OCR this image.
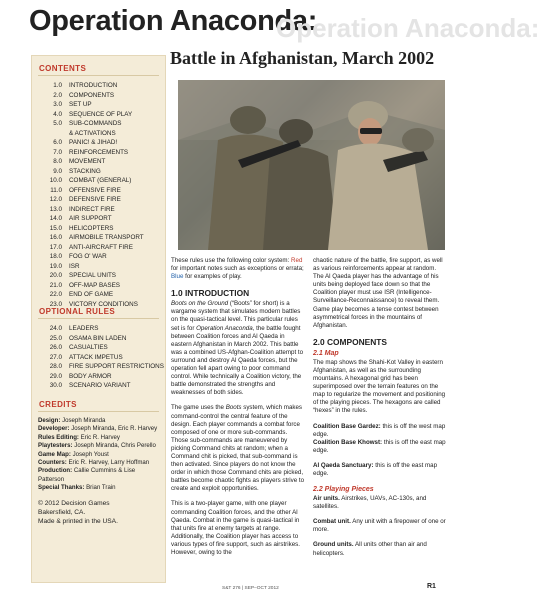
Operation Anaconda:
Operation Anaconda:
CONTENTS
1.0 INTRODUCTION
2.0 COMPONENTS
3.0 SET UP
4.0 SEQUENCE OF PLAY
5.0 SUB-COMMANDS
& ACTIVATIONS
6.0 PANIC! & JIHAD!
7.0 REINFORCEMENTS
8.0 MOVEMENT
9.0 STACKING
10.0 COMBAT (GENERAL)
11.0 OFFENSIVE FIRE
12.0 DEFENSIVE FIRE
13.0 INDIRECT FIRE
14.0 AIR SUPPORT
15.0 HELICOPTERS
16.0 AIRMOBILE TRANSPORT
17.0 ANTI-AIRCRAFT FIRE
18.0 FOG O' WAR
19.0 ISR
20.0 SPECIAL UNITS
21.0 OFF-MAP BASES
22.0 END OF GAME
23.0 VICTORY CONDITIONS
OPTIONAL RULES
24.0 LEADERS
25.0 OSAMA BIN LADEN
26.0 CASUALTIES
27.0 ATTACK IMPETUS
28.0 FIRE SUPPORT RESTRICTIONS
29.0 BODY ARMOR
30.0 SCENARIO VARIANT
CREDITS
Design: Joseph Miranda
Developer: Joseph Miranda, Eric R. Harvey
Rules Editing: Eric R. Harvey
Playtesters: Joseph Miranda, Chris Perello
Game Map: Joseph Youst
Counters: Eric R. Harvey, Larry Hoffman
Production: Callie Cummins & Lise Patterson
Special Thanks: Brian Train
© 2012 Decision Games
Bakersfield, CA.
Made & printed in the USA.
Battle in Afghanistan, March 2002

These rules use the following color system: Red for important notes such as exceptions or errata; Blue for examples of play.

1.0 INTRODUCTION

Boots on the Ground (“Boots” for short) is a wargame system that simulates modern battles on the quasi-tactical level. This particular rules set is for Operation Anaconda, the battle fought between Coalition forces and Al Qaeda in eastern Afghanistan in March 2002. This battle was a combined US-Afghan-Coalition attempt to surround and destroy Al Qaeda forces, but the operation fell apart owing to poor command control. While technically a Coalition victory, the battle demonstrated the strengths and weaknesses of both sides.

The game uses the Boots system, which makes command-control the central feature of the design. Each player commands a combat force composed of one or more sub-commands. Those sub-commands are maneuvered by picking Command chits at random; when a Command chit is picked, that sub-command is then activated. Since players do not know the order in which those Command chits are picked, battles become chaotic fights as players strive to create and exploit opportunities.

This is a two-player game, with one player commanding Coalition forces, and the other Al Qaeda. Combat in the game is quasi-tactical in that units fire at enemy targets at range. Additionally, the Coalition player has access to various types of fire support, such as airstrikes. However, owing to the

chaotic nature of the battle, fire support, as well as various reinforcements appear at random. The Al Qaeda player has the advantage of his units being deployed face down so that the Coalition player must use ISR (Intelligence-Surveillance-Reconnaissance) to reveal them. Game play becomes a tense contest between asymmetrical forces in the mountains of Afghanistan.

2.0 COMPONENTS
2.1 Map

The map shows the Shahi-Kot Valley in eastern Afghanistan, as well as the surrounding mountains. A hexagonal grid has been superimposed over the terrain features on the map to regularize the movement and positioning of the playing pieces. The hexagons are called “hexes” in the rules.

Coalition Base Gardez: this is off the west map edge.
Coalition Base Khowst: this is off the east map edge.

Al Qaeda Sanctuary: this is off the east map edge.

2.2 Playing Pieces

Air units. Airstrikes, UAVs, AC-130s, and satellites.

Combat unit. Any unit with a firepower of one or more.

Ground units. All units other than air and helicopters.

S&T 276 | SEP–OCT 2012	R1
